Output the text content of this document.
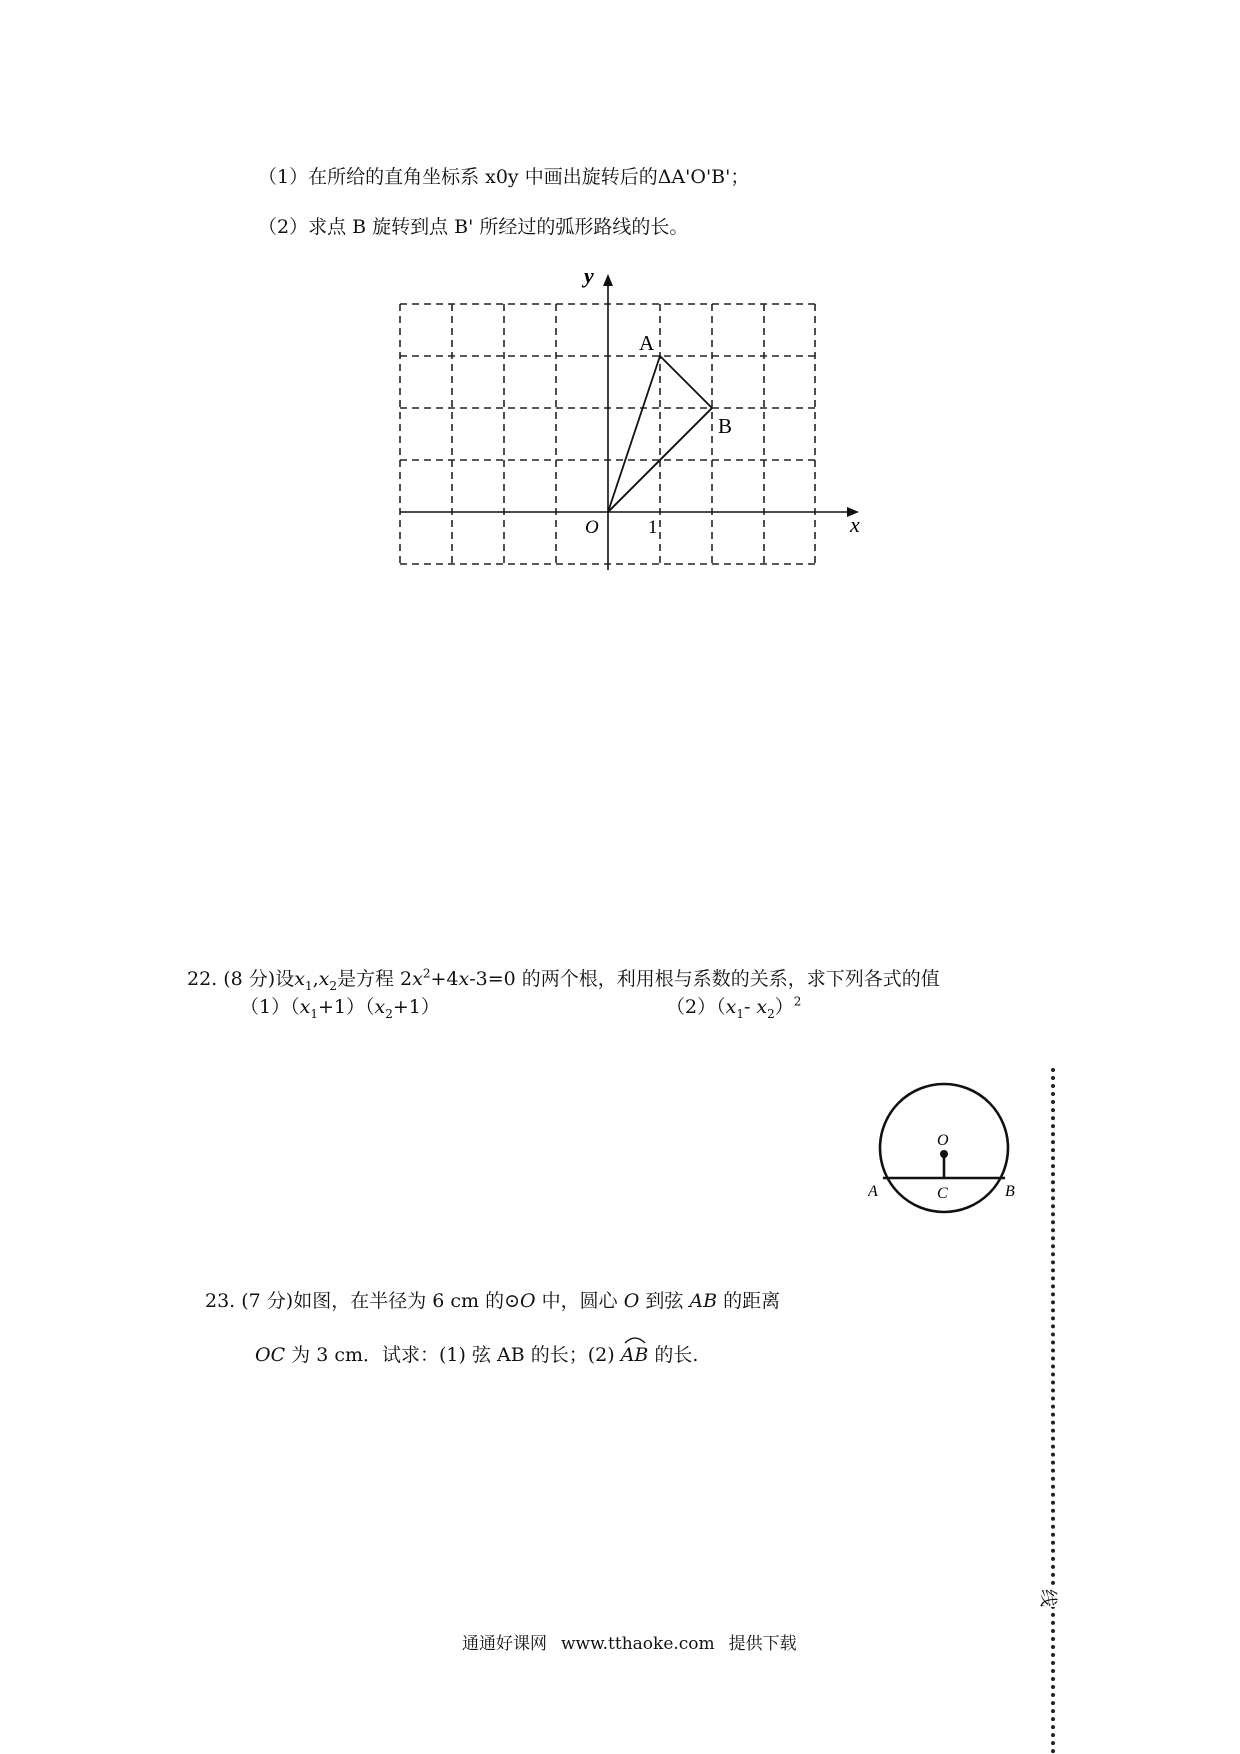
（1）在所给的直角坐标系 x0y 中画出旋转后的ΔA'O'B'；
（2）求点 B 旋转到点 B' 所经过的弧形路线的长。
y
x
O	1
A
B
22. (8 分)设$x_1,x_2$是方程 $2x^2+4x-3=0$ 的两个根，利用根与系数的关系，求下列各式的值
$(1)(x_1+1)(x_2+1)$	$(2)(x_1-$ $x_2)^2$
23. (7 分)如图，在半径为 6 cm 的⊙O 中，圆心 O 到弦 AB 的距离
OC 为 3 cm．试求：(1) 弦 AB 的长；(2) AB 的长.
O
A	B
C
通通好课网 www.tthaoke.com 提供下载
线
